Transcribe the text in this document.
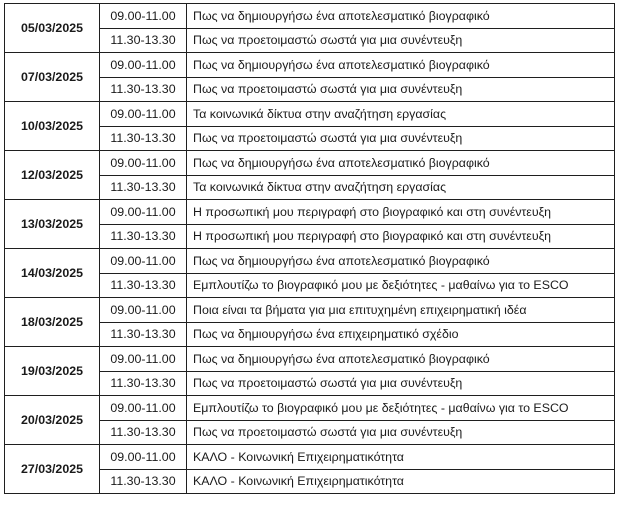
05/03/2025	09.00-11.00	Πως να δημιουργήσω ένα αποτελεσματικό βιογραφικό
	11.30-13.30	Πως να προετοιμαστώ σωστά για μια συνέντευξη
07/03/2025	09.00-11.00	Πως να δημιουργήσω ένα αποτελεσματικό βιογραφικό
	11.30-13.30	Πως να προετοιμαστώ σωστά για μια συνέντευξη
10/03/2025	09.00-11.00	Τα κοινωνικά δίκτυα στην αναζήτηση εργασίας
	11.30-13.30	Πως να προετοιμαστώ σωστά για μια συνέντευξη
12/03/2025	09.00-11.00	Πως να δημιουργήσω ένα αποτελεσματικό βιογραφικό
	11.30-13.30	Τα κοινωνικά δίκτυα στην αναζήτηση εργασίας
13/03/2025	09.00-11.00	Η προσωπική μου περιγραφή στο βιογραφικό και στη συνέντευξη
	11.30-13.30	Η προσωπική μου περιγραφή στο βιογραφικό και στη συνέντευξη
14/03/2025	09.00-11.00	Πως να δημιουργήσω ένα αποτελεσματικό βιογραφικό
	11.30-13.30	Εμπλουτίζω το βιογραφικό μου με δεξιότητες - μαθαίνω για το ESCO
18/03/2025	09.00-11.00	Ποια είναι τα βήματα για μια επιτυχημένη επιχειρηματική ιδέα
	11.30-13.30	Πως να δημιουργήσω ένα επιχειρηματικό σχέδιο
19/03/2025	09.00-11.00	Πως να δημιουργήσω ένα αποτελεσματικό βιογραφικό
	11.30-13.30	Πως να προετοιμαστώ σωστά για μια συνέντευξη
20/03/2025	09.00-11.00	Εμπλουτίζω το βιογραφικό μου με δεξιότητες - μαθαίνω για το ESCO
	11.30-13.30	Πως να προετοιμαστώ σωστά για μια συνέντευξη
27/03/2025	09.00-11.00	ΚΑΛΟ - Κοινωνική Επιχειρηματικότητα
	11.30-13.30	ΚΑΛΟ - Κοινωνική Επιχειρηματικότητα
